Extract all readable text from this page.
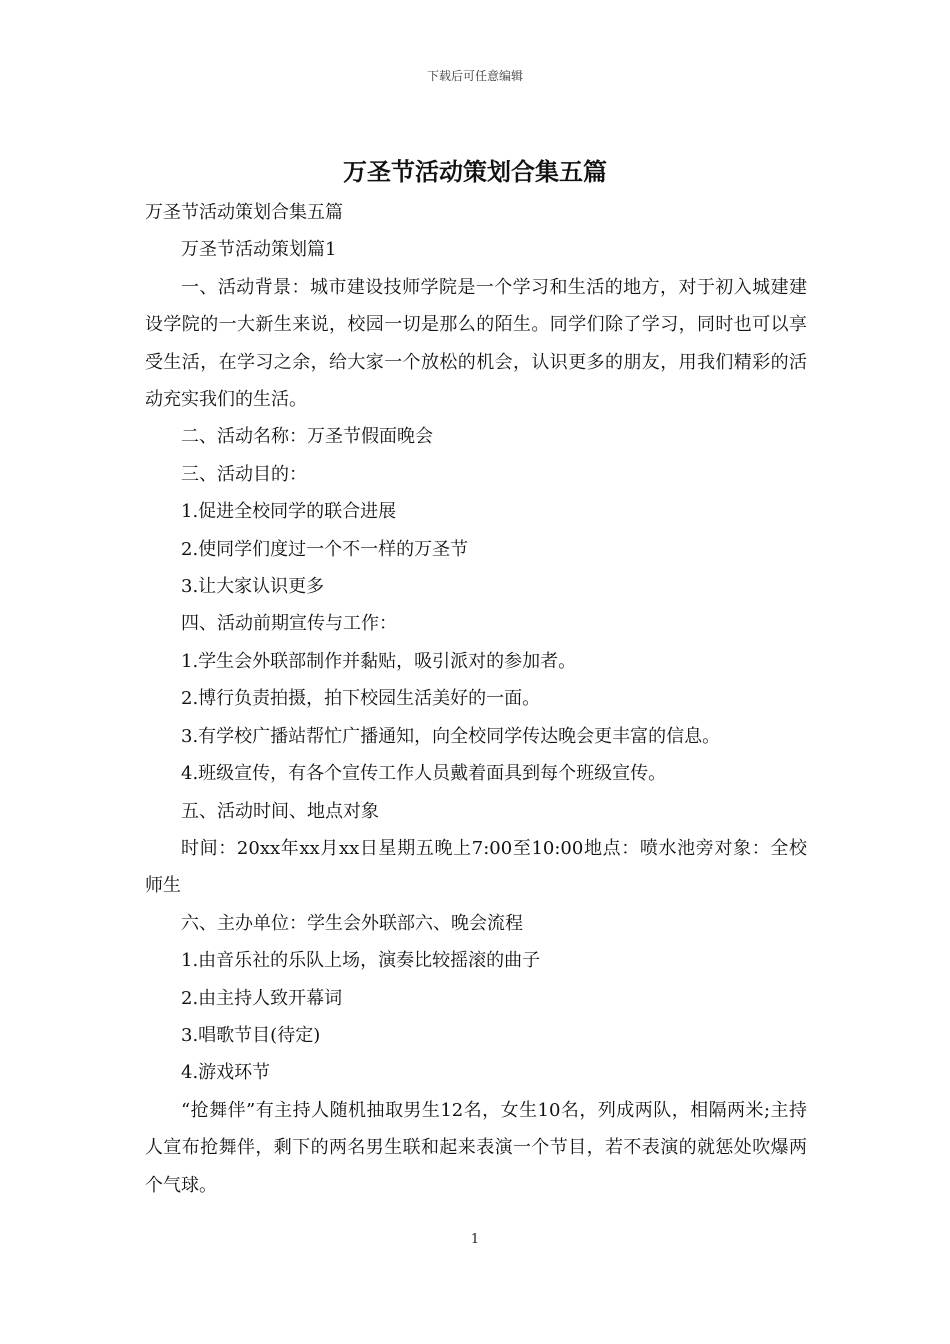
下载后可任意编辑
万圣节活动策划合集五篇

万圣节活动策划合集五篇

万圣节活动策划篇1

一、活动背景：城市建设技师学院是一个学习和生活的地方，对于初入城建建设学院的一大新生来说，校园一切是那么的陌生。同学们除了学习，同时也可以享受生活，在学习之余，给大家一个放松的机会，认识更多的朋友，用我们精彩的活动充实我们的生活。

二、活动名称：万圣节假面晚会

三、活动目的：

1.促进全校同学的联合进展

2.使同学们度过一个不一样的万圣节

3.让大家认识更多

四、活动前期宣传与工作：

1.学生会外联部制作并黏贴，吸引派对的参加者。

2.博行负责拍摄，拍下校园生活美好的一面。

3.有学校广播站帮忙广播通知，向全校同学传达晚会更丰富的信息。

4.班级宣传，有各个宣传工作人员戴着面具到每个班级宣传。

五、活动时间、地点对象

时间：20xx年xx月xx日星期五晚上7:00至10:00地点：喷水池旁对象：全校师生

六、主办单位：学生会外联部六、晚会流程

1.由音乐社的乐队上场，演奏比较摇滚的曲子

2.由主持人致开幕词

3.唱歌节目(待定)

4.游戏环节

“抢舞伴”有主持人随机抽取男生12名，女生10名，列成两队，相隔两米;主持人宣布抢舞伴，剩下的两名男生联和起来表演一个节目，若不表演的就惩处吹爆两个气球。

1
